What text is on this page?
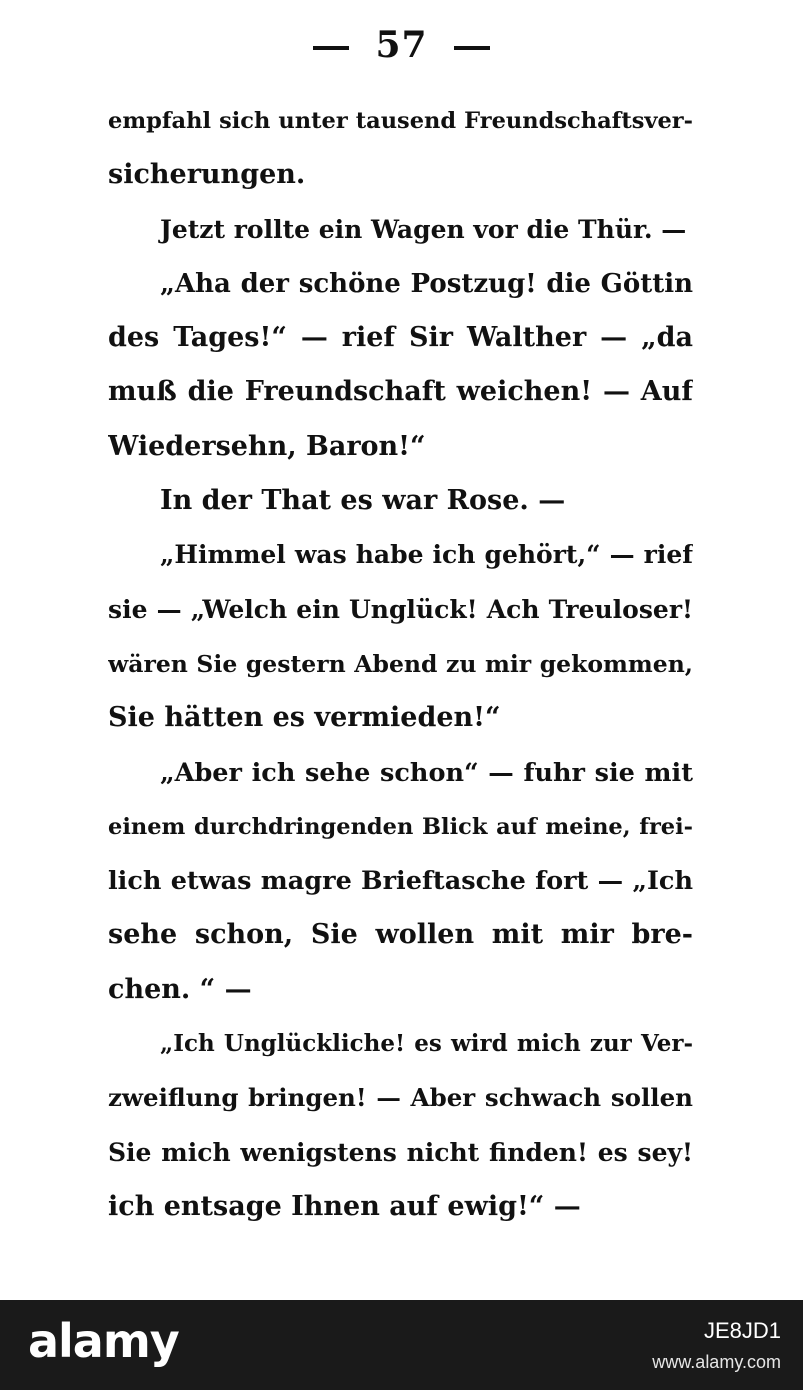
57
empfahl sich unter tausend Freundschaftsver-
sicherungen.
Jetzt rollte ein Wagen vor die Thür. —
„Aha der schöne Postzug! die Göttin
des Tages!“ — rief Sir Walther — „da
muß die Freundschaft weichen! — Auf
Wiedersehn, Baron!“
In der That es war Rose. —
„Himmel was habe ich gehört,“ — rief
sie — „Welch ein Unglück! Ach Treuloser!
wären Sie gestern Abend zu mir gekommen,
Sie hätten es vermieden!“
„Aber ich sehe schon“ — fuhr sie mit
einem durchdringenden Blick auf meine, frei-
lich etwas magre Brieftasche fort — „Ich
sehe schon, Sie wollen mit mir bre-
chen. “ —
„Ich Unglückliche! es wird mich zur Ver-
zweiflung bringen! — Aber schwach sollen
Sie mich wenigstens nicht finden! es sey!
ich entsage Ihnen auf ewig!“ —
alamy	JE8JD1
www.alamy.com
